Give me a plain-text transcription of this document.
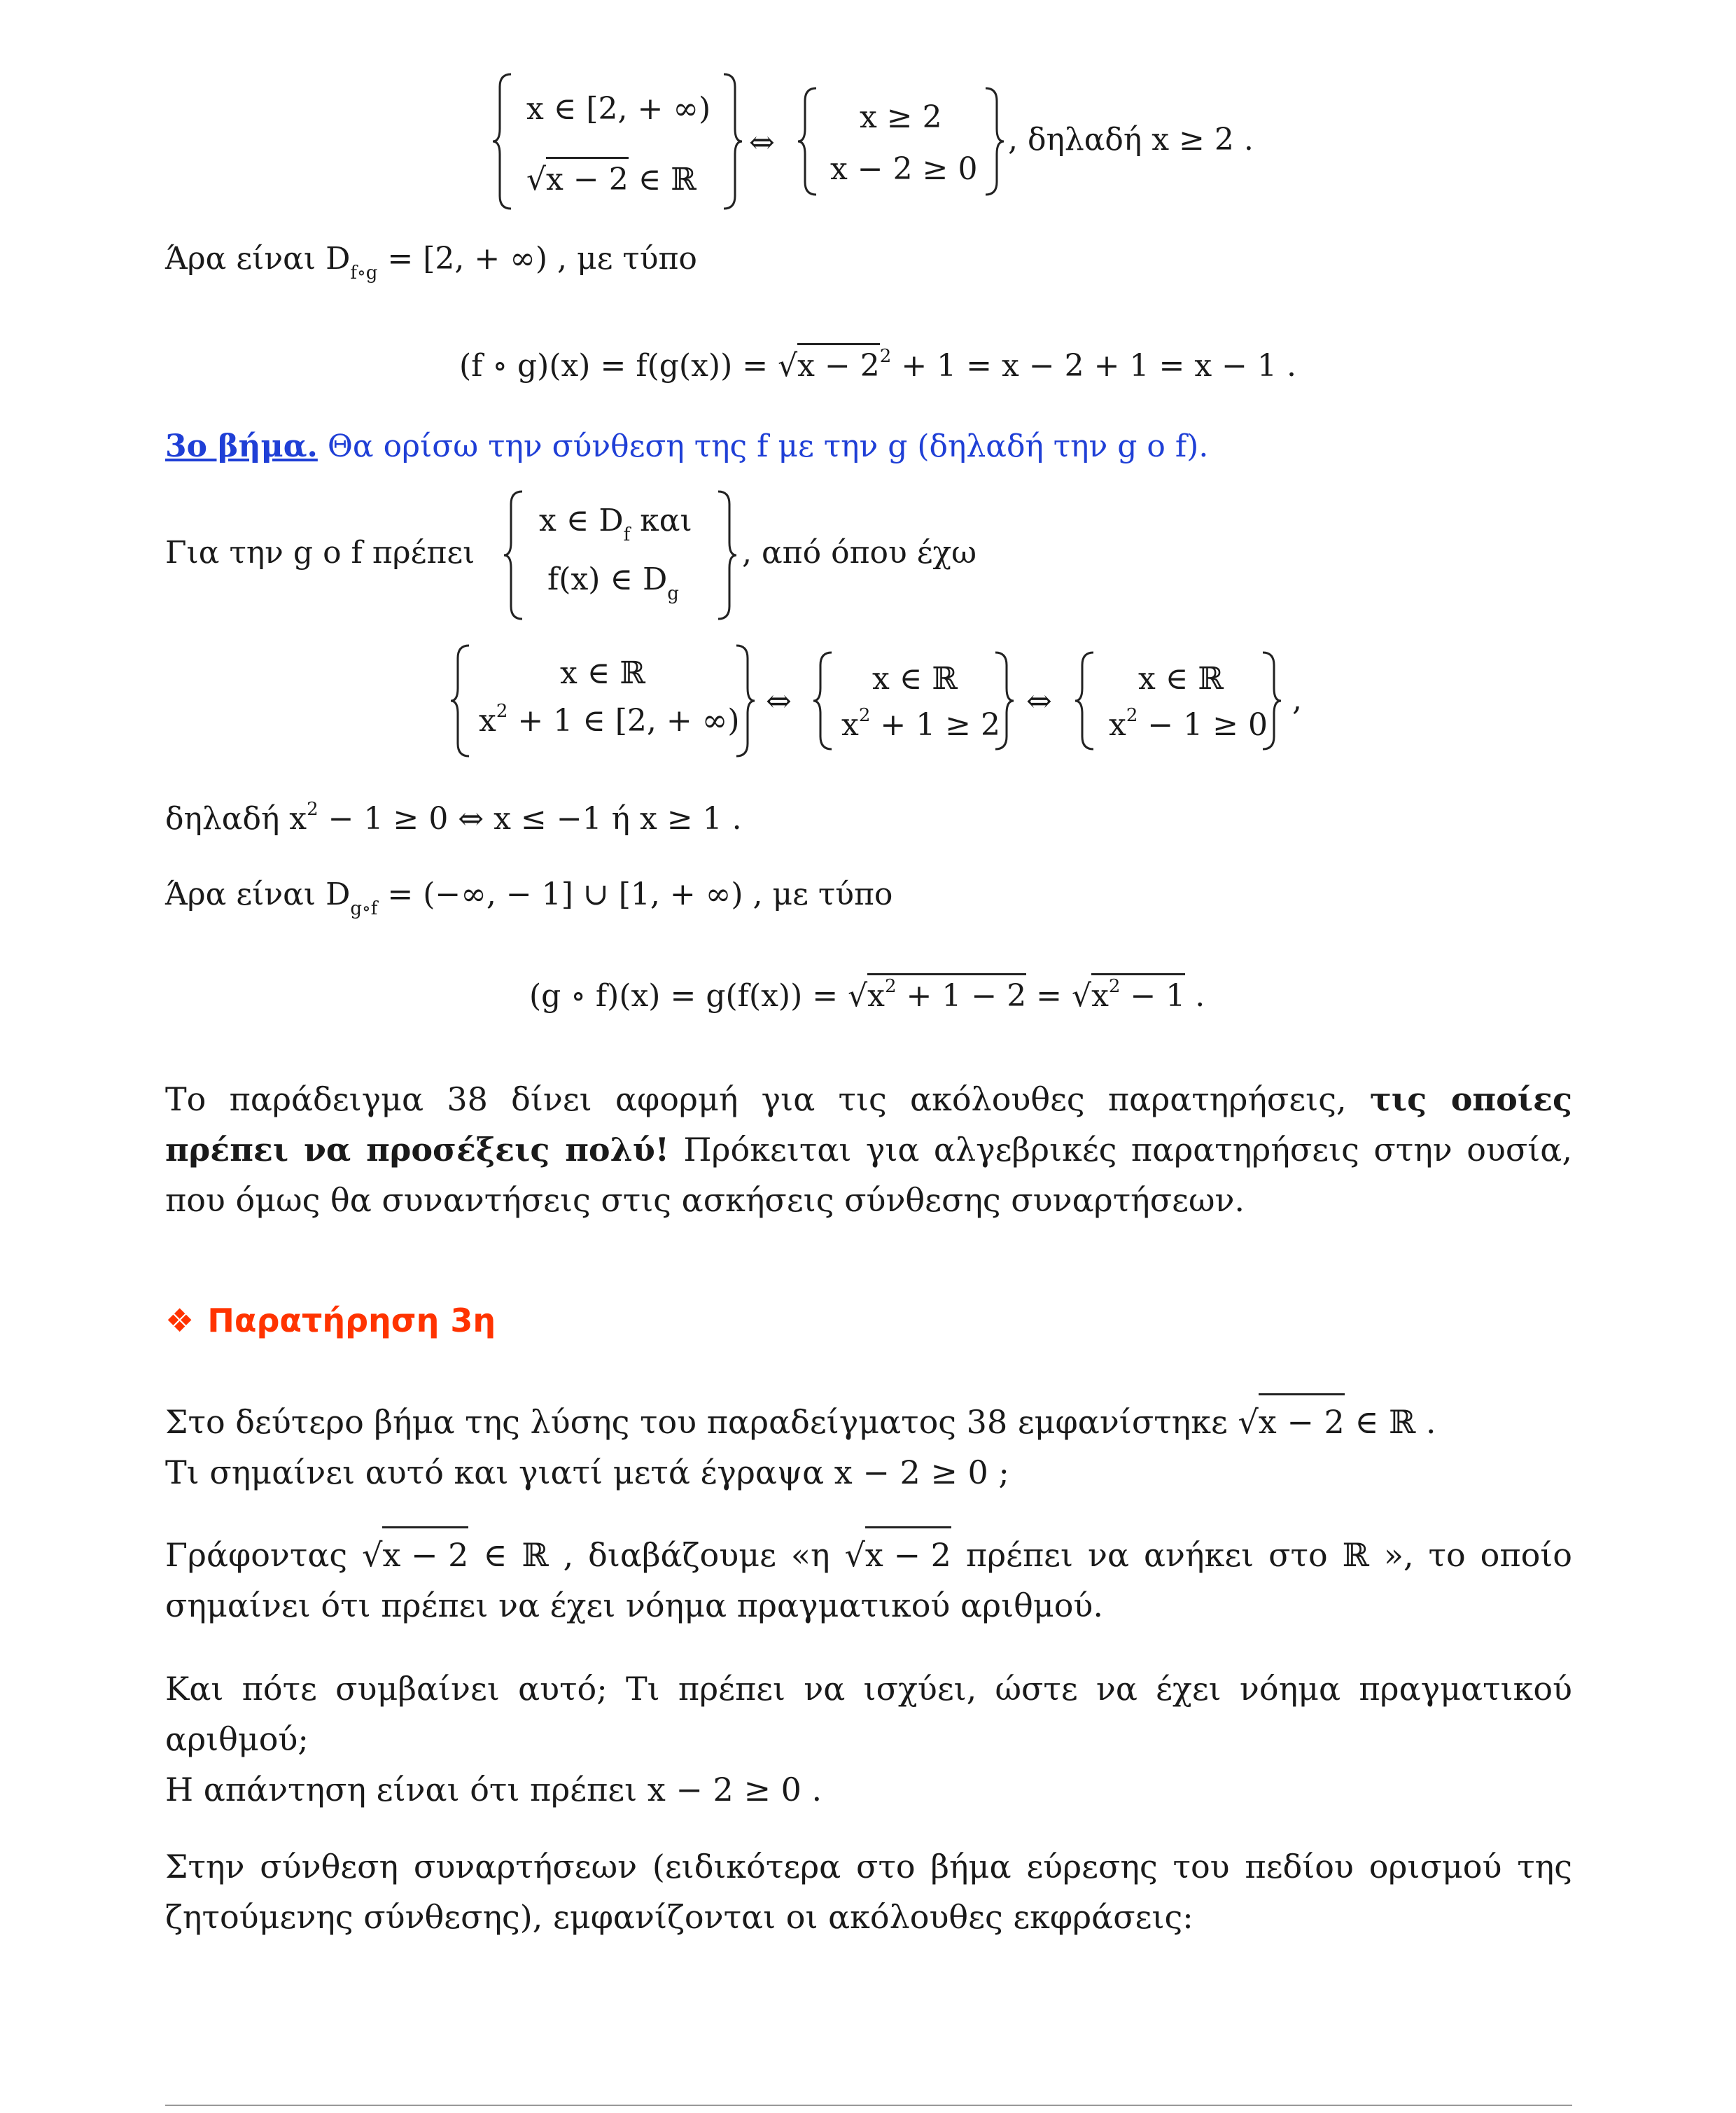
x ∈ [2, + ∞)
√x − 2 ∈ ℝ
⇔
x ≥ 2
x − 2 ≥ 0
, δηλαδή x ≥ 2 .
Άρα είναι $D_{f\circ g} = [2$, + ∞) , με τύπο
(f ∘ $g)(x) = f(g(x)) = √x - 2^2 + 1 = x - 2 + 1 = x - 1$ .
3ο βήμα. Θα ορίσω την σύνθεση της f με την g (δηλαδή την g ο f).
Για την g ο f πρέπει
x ∈ $D_f$ και
f(x) ∈ $D_g$
, από όπου έχω
x ∈ ℝ
$x^2 + 1$ ∈ [2, + ∞)
⇔
x ∈ ℝ
$x^2 + 1 \ge 2$
⇔
x ∈ ℝ
$x^2 - 1 \ge 0$
,
δηλαδή $x^2 - 1 \ge 0$ ⇔ x ≤ −1 ή x ≥ 1 .
Άρα είναι $D_{g\circ f}$ = (−∞, − 1] ∪ [1, + ∞) , με τύπο
(g ∘ $f)(x) = g(f(x)) = √x^2 + 1 - 2 = √x^2 - 1$ .
Το παράδειγμα 38 δίνει αφορμή για τις ακόλουθες παρατηρήσεις, τις οποίες πρέπει να προσέξεις πολύ! Πρόκειται για αλγεβρικές παρατηρήσεις στην ουσία, που όμως θα συναντήσεις στις ασκήσεις σύνθεσης συναρτήσεων.
❖ Παρατήρηση 3η
Στο δεύτερο βήμα της λύσης του παραδείγματος 38 εμφανίστηκε √x − 2 ∈ ℝ .
Τι σημαίνει αυτό και γιατί μετά έγραψα x − 2 ≥ 0 ;
Γράφοντας √x − 2 ∈ ℝ , διαβάζουμε «η √x − 2 πρέπει να ανήκει στο ℝ », το οποίο σημαίνει ότι πρέπει να έχει νόημα πραγματικού αριθμού.
Και πότε συμβαίνει αυτό; Τι πρέπει να ισχύει, ώστε να έχει νόημα πραγματικού αριθμού;
Η απάντηση είναι ότι πρέπει x − 2 ≥ 0 .
Στην σύνθεση συναρτήσεων (ειδικότερα στο βήμα εύρεσης του πεδίου ορισμού της ζητούμενης σύνθεσης), εμφανίζονται οι ακόλουθες εκφράσεις:
